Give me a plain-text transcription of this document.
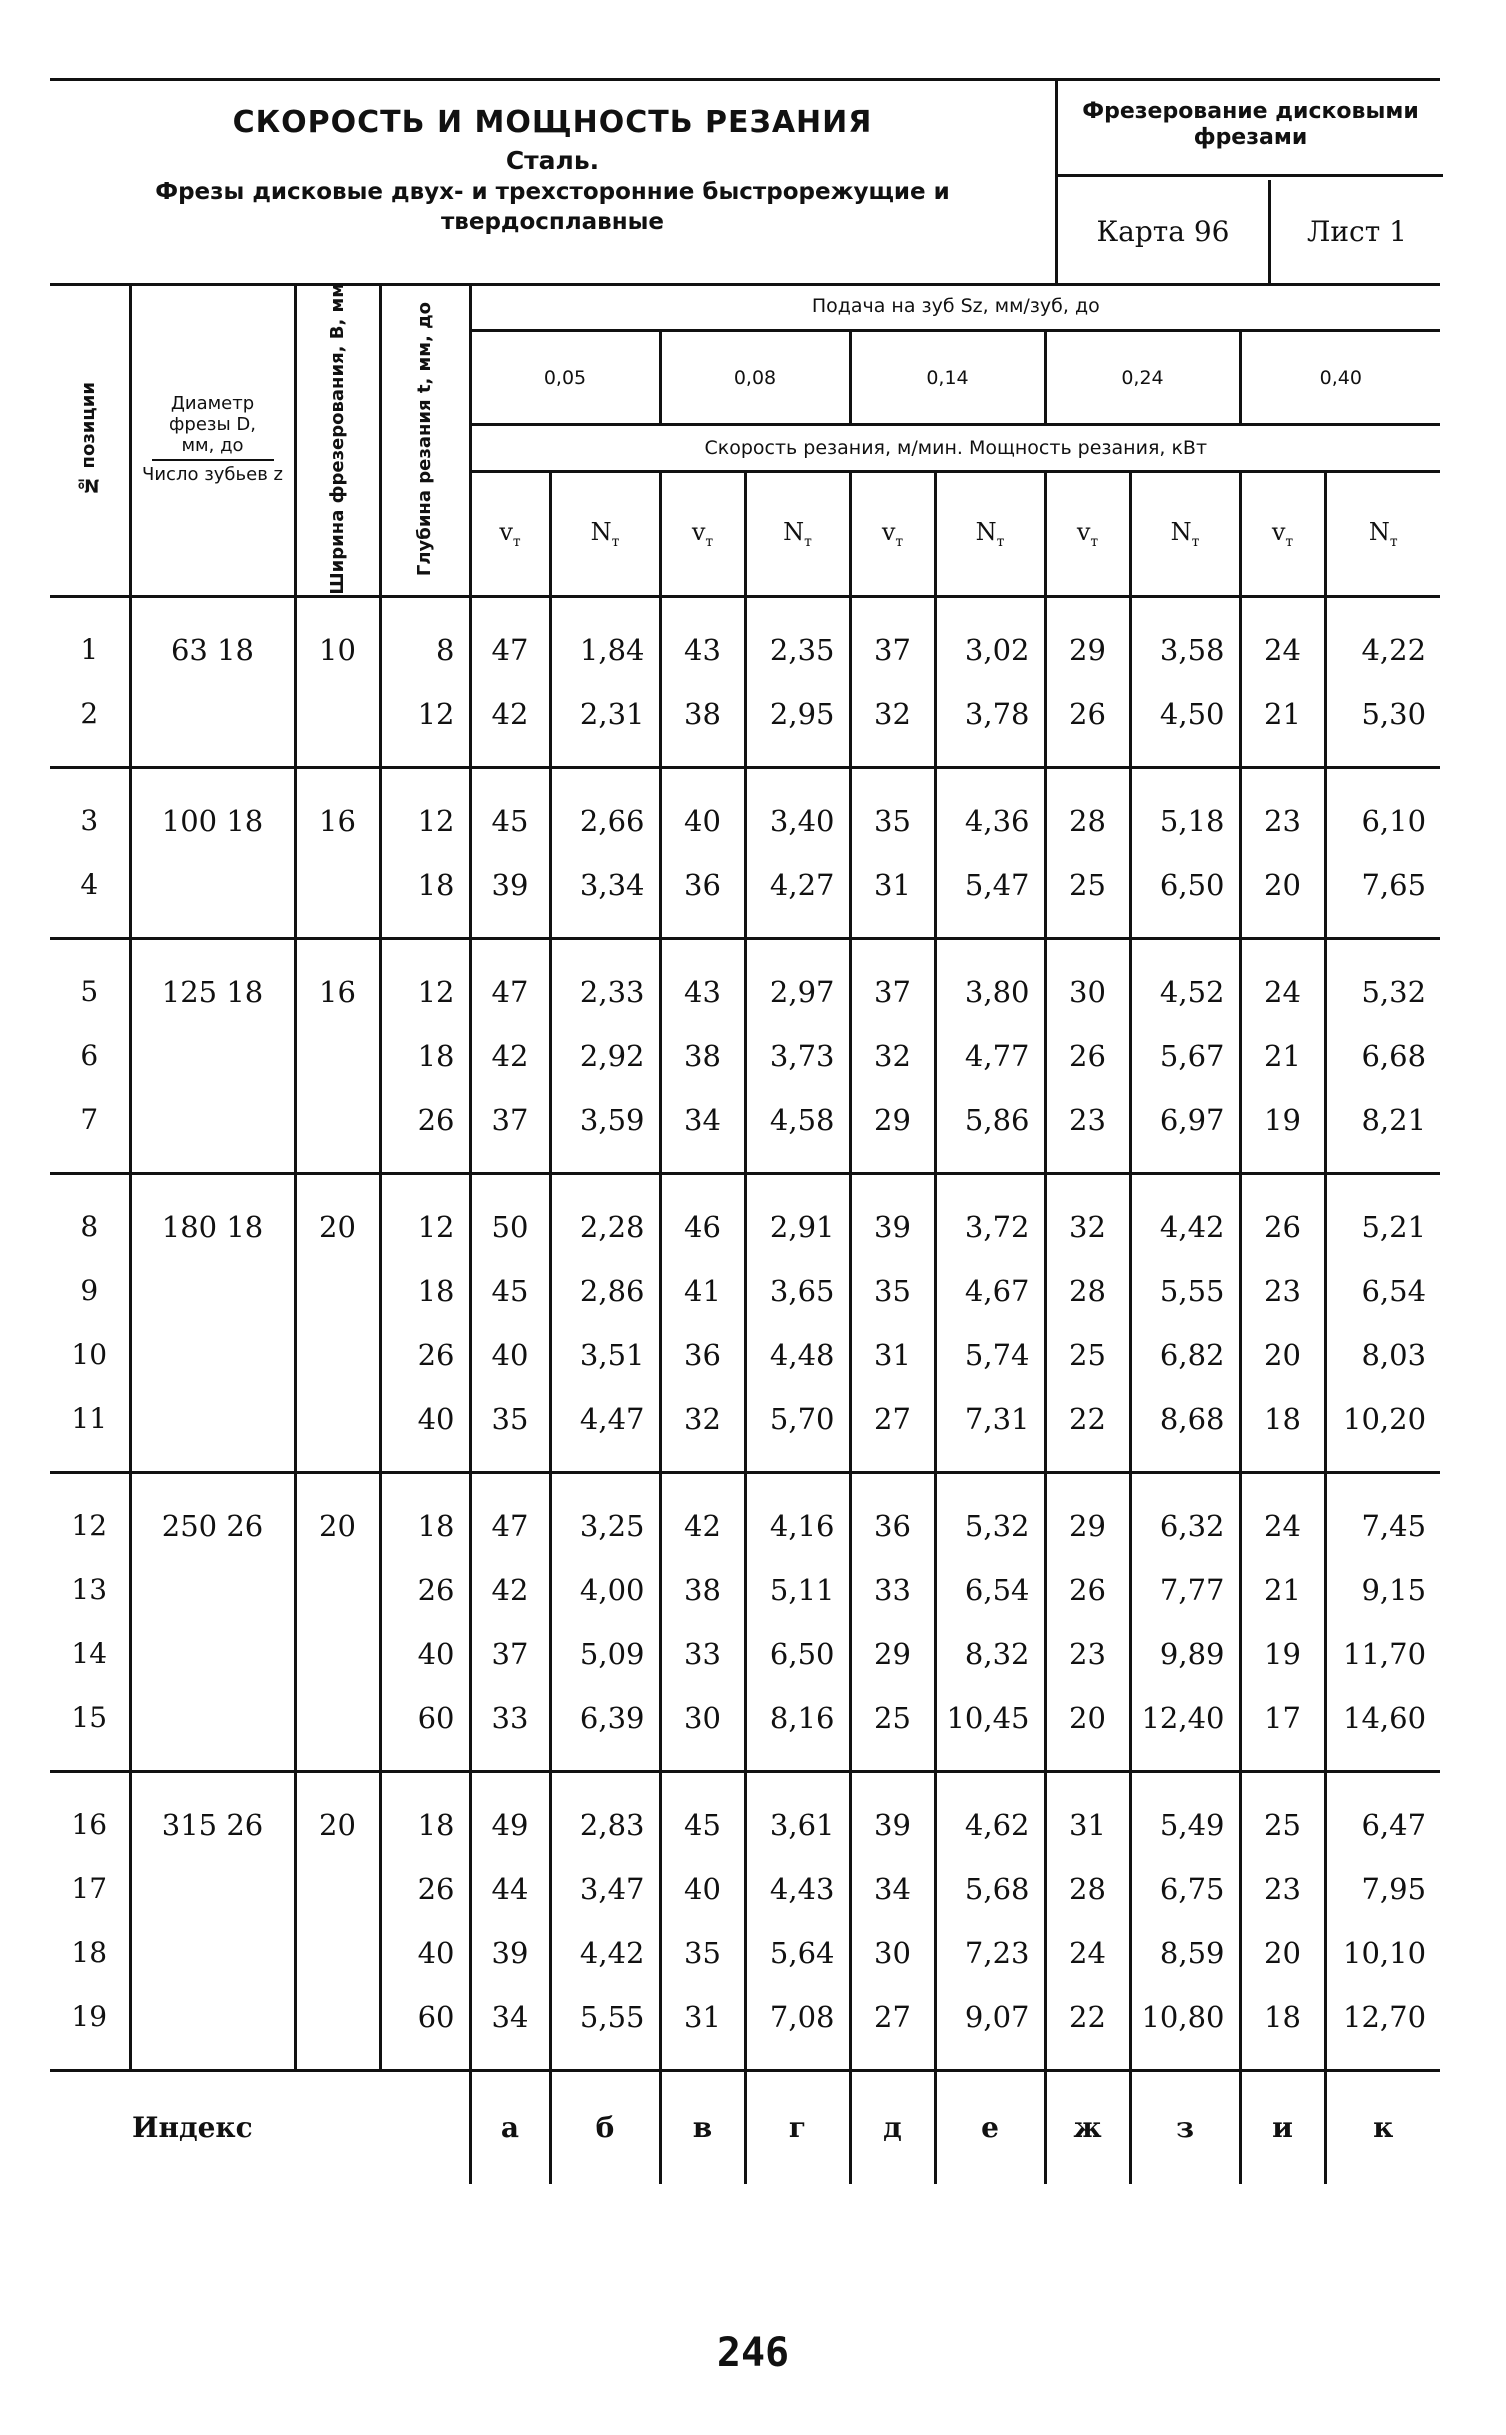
СКОРОСТЬ И МОЩНОСТЬ РЕЗАНИЯ
Сталь.
Фрезы дисковые двух- и трехсторонние быстрорежущие и твердосплавные
Фрезерование дисковыми фрезами
Карта 96	Лист 1
№ позиции	Диаметр фрезы D, мм, до
Число зубьев z	Ширина фрезерования, B, мм	Глубина резания t, мм, до	Подача на зуб Sz, мм/зуб, до									
				0,05		0,08		0,14		0,24		0,40	
				Скорость резания, м/мин. Мощность резания, кВт									
				$v_т$	$N_т$	$v_т$	$N_т$	$v_т$	$N_т$	$v_т$	$N_т$	$v_т$	$N_т$
1	63 18	10	8	47	1,84	43	2,35	37	3,02	29	3,58	24	4,22
2			12	42	2,31	38	2,95	32	3,78	26	4,50	21	5,30
3	100 18	16	12	45	2,66	40	3,40	35	4,36	28	5,18	23	6,10
4			18	39	3,34	36	4,27	31	5,47	25	6,50	20	7,65
5	125 18	16	12	47	2,33	43	2,97	37	3,80	30	4,52	24	5,32
6			18	42	2,92	38	3,73	32	4,77	26	5,67	21	6,68
7			26	37	3,59	34	4,58	29	5,86	23	6,97	19	8,21
8	180 18	20	12	50	2,28	46	2,91	39	3,72	32	4,42	26	5,21
9			18	45	2,86	41	3,65	35	4,67	28	5,55	23	6,54
10			26	40	3,51	36	4,48	31	5,74	25	6,82	20	8,03
11			40	35	4,47	32	5,70	27	7,31	22	8,68	18	10,20
12	250 26	20	18	47	3,25	42	4,16	36	5,32	29	6,32	24	7,45
13			26	42	4,00	38	5,11	33	6,54	26	7,77	21	9,15
14			40	37	5,09	33	6,50	29	8,32	23	9,89	19	11,70
15			60	33	6,39	30	8,16	25	10,45	20	12,40	17	14,60
16	315 26	20	18	49	2,83	45	3,61	39	4,62	31	5,49	25	6,47
17			26	44	3,47	40	4,43	34	5,68	28	6,75	23	7,95
18			40	39	4,42	35	5,64	30	7,23	24	8,59	20	10,10
19			60	34	5,55	31	7,08	27	9,07	22	10,80	18	12,70
Индекс				а	б	в	г	д	е	ж	з	и	к
246
